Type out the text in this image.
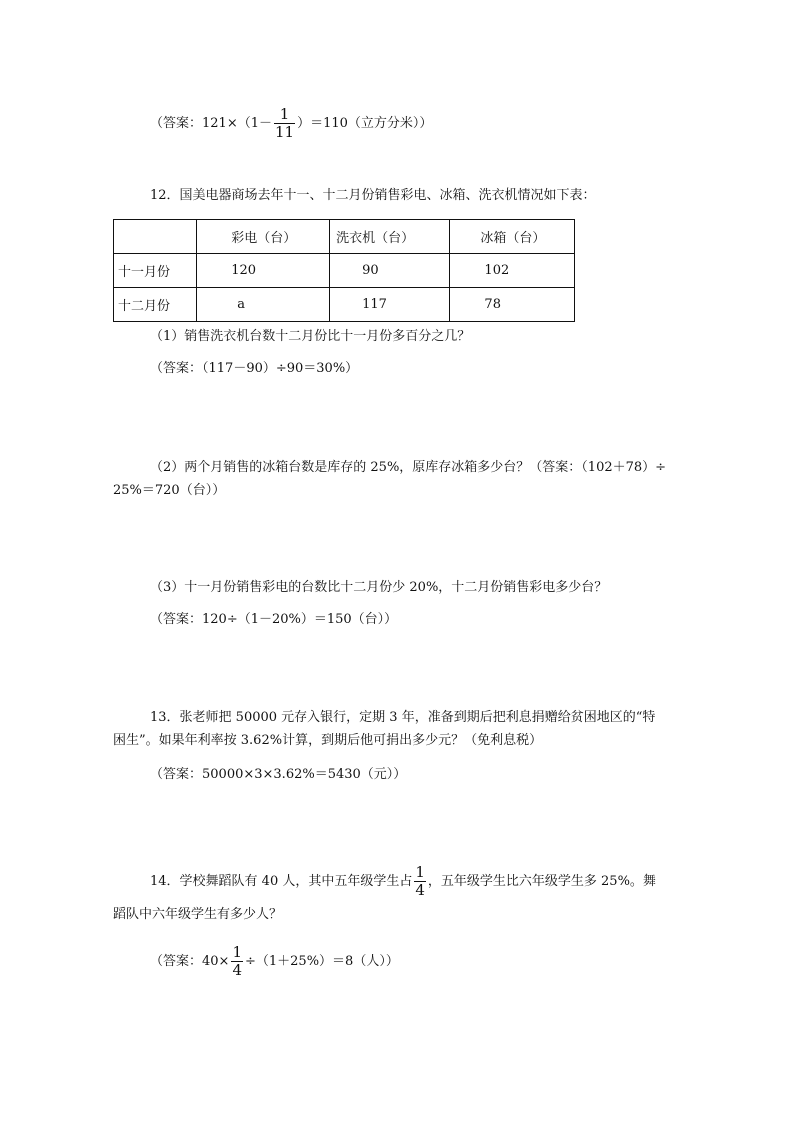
（答案：$121\times(1- \frac{1}{11} )=110$（立方分米））
12．国美电器商场去年十一、十二月份销售彩电、冰箱、洗衣机情况如下表：
	彩电（台）	洗衣机（台）	冰箱（台）
十一月份	120	90	102
十二月份	a	117	78
（1）销售洗衣机台数十二月份比十一月份多百分之几？
（答案：（117－90）÷90＝30%）
（2）两个月销售的冰箱台数是库存的 25%，原库存冰箱多少台？（答案：（102＋78）÷
25%＝720（台））
（3）十一月份销售彩电的台数比十二月份少 20%，十二月份销售彩电多少台？
（答案：120÷（1－20%）＝150（台））
13．张老师把 50000 元存入银行，定期 3 年，准备到期后把利息捐赠给贫困地区的“特
困生”。如果年利率按 3.62%计算，到期后他可捐出多少元？（免利息税）
（答案：50000×3×3.62%＝5430（元））
14．学校舞蹈队有 40 人，其中五年级学生占 $\frac{1}{4}$ ，五年级学生比六年级学生多 25%。舞
蹈队中六年级学生有多少人？
（答案：$40\times \frac{1}{4} \div(1+25\%)=8$（人））
